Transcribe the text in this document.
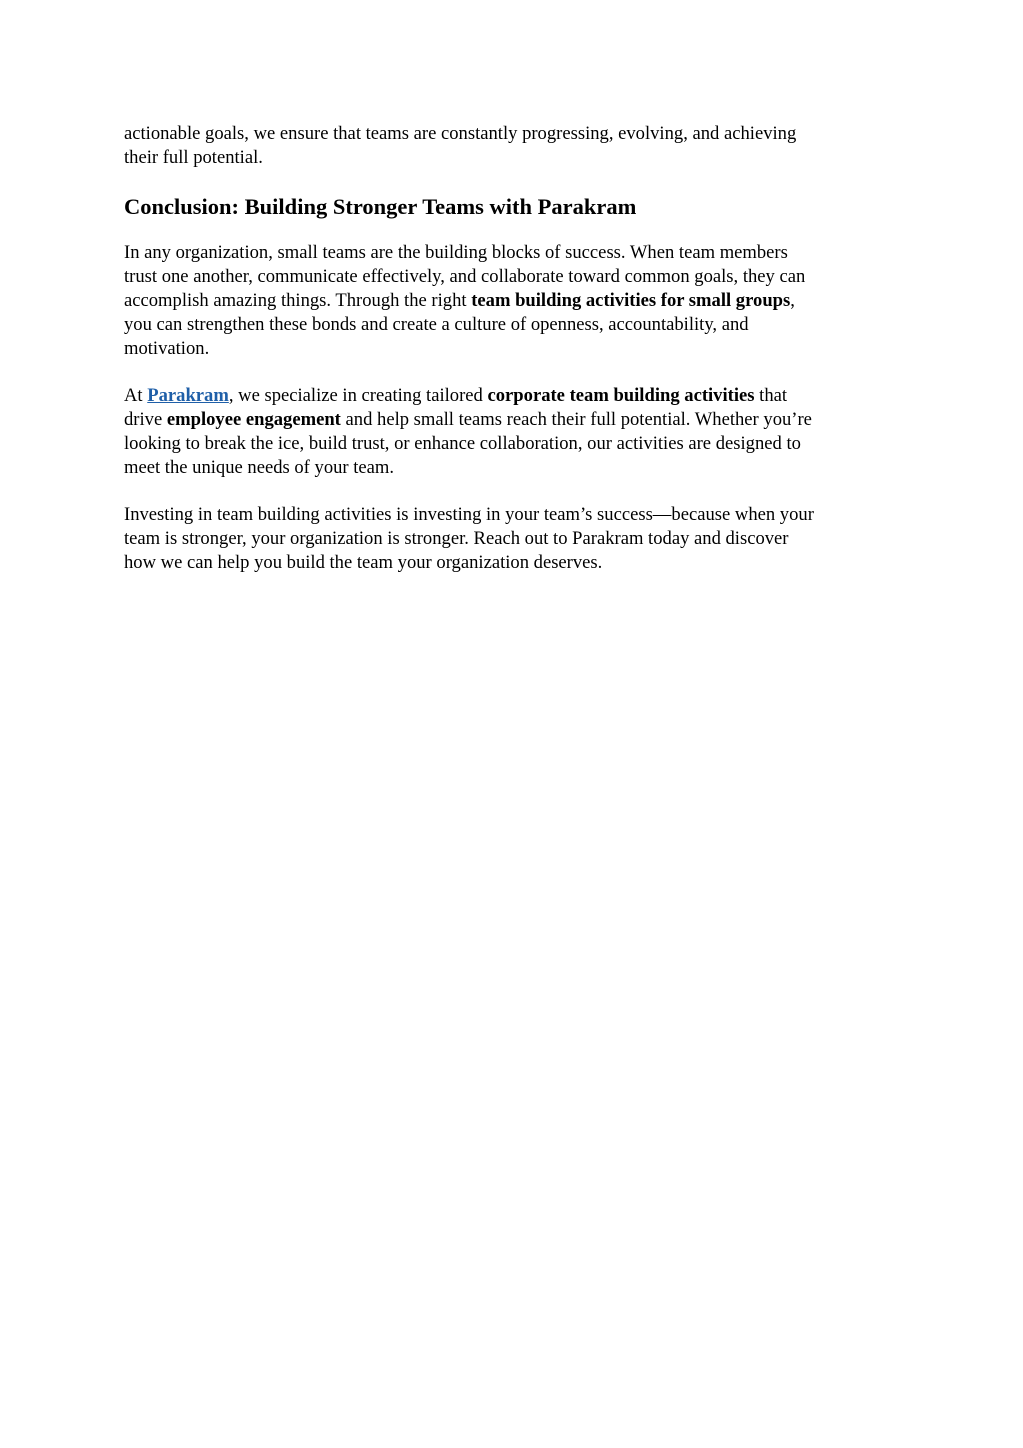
actionable goals, we ensure that teams are constantly progressing, evolving, and achieving
their full potential.

Conclusion: Building Stronger Teams with Parakram

In any organization, small teams are the building blocks of success. When team members
trust one another, communicate effectively, and collaborate toward common goals, they can
accomplish amazing things. Through the right team building activities for small groups,
you can strengthen these bonds and create a culture of openness, accountability, and
motivation.

At Parakram, we specialize in creating tailored corporate team building activities that
drive employee engagement and help small teams reach their full potential. Whether you’re
looking to break the ice, build trust, or enhance collaboration, our activities are designed to
meet the unique needs of your team.

Investing in team building activities is investing in your team’s success—because when your
team is stronger, your organization is stronger. Reach out to Parakram today and discover
how we can help you build the team your organization deserves.
